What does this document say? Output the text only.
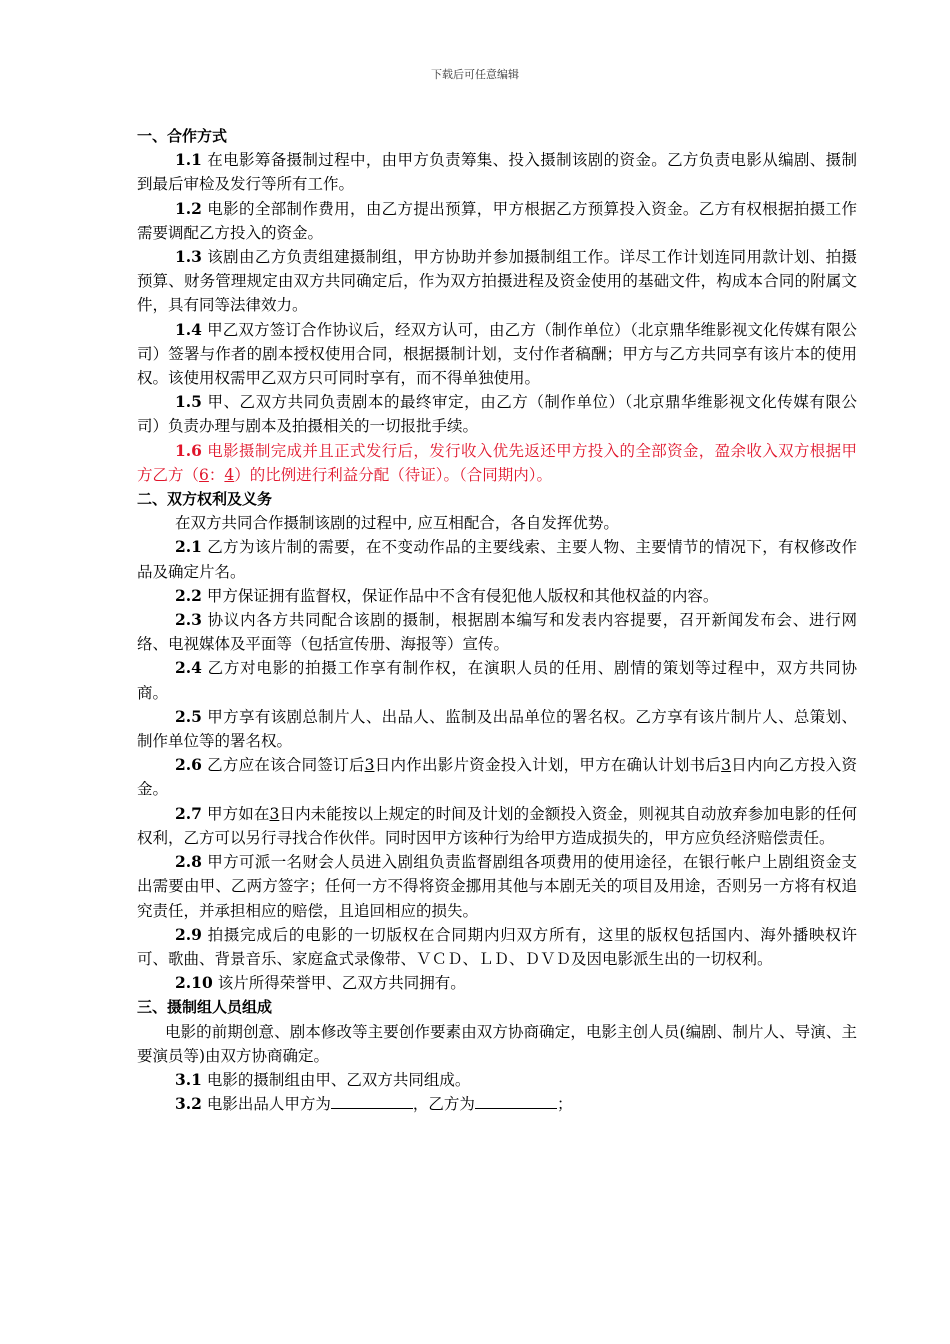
下载后可任意编辑
一、合作方式
1.1 在电影筹备摄制过程中，由甲方负责筹集、投入摄制该剧的资金。乙方负责电影从编剧、摄制到最后审检及发行等所有工作。
1.2 电影的全部制作费用，由乙方提出预算，甲方根据乙方预算投入资金。乙方有权根据拍摄工作需要调配乙方投入的资金。
1.3 该剧由乙方负责组建摄制组，甲方协助并参加摄制组工作。详尽工作计划连同用款计划、拍摄预算、财务管理规定由双方共同确定后，作为双方拍摄进程及资金使用的基础文件，构成本合同的附属文件，具有同等法律效力。
1.4 甲乙双方签订合作协议后，经双方认可，由乙方（制作单位）（北京鼎华维影视文化传媒有限公司）签署与作者的剧本授权使用合同，根据摄制计划，支付作者稿酬；甲方与乙方共同享有该片本的使用权。该使用权需甲乙双方只可同时享有，而不得单独使用。
1.5 甲、乙双方共同负责剧本的最终审定，由乙方（制作单位）（北京鼎华维影视文化传媒有限公司）负责办理与剧本及拍摄相关的一切报批手续。
1.6 电影摄制完成并且正式发行后，发行收入优先返还甲方投入的全部资金，盈余收入双方根据甲方乙方（6：4）的比例进行利益分配（待证）。（合同期内）。
二、双方权利及义务
在双方共同合作摄制该剧的过程中, 应互相配合，各自发挥优势。
2.1 乙方为该片制的需要，在不变动作品的主要线索、主要人物、主要情节的情况下，有权修改作品及确定片名。
2.2 甲方保证拥有监督权，保证作品中不含有侵犯他人版权和其他权益的内容。
2.3 协议内各方共同配合该剧的摄制，根据剧本编写和发表内容提要，召开新闻发布会、进行网络、电视媒体及平面等（包括宣传册、海报等）宣传。
2.4 乙方对电影的拍摄工作享有制作权，在演职人员的任用、剧情的策划等过程中，双方共同协商。
2.5 甲方享有该剧总制片人、出品人、监制及出品单位的署名权。乙方享有该片制片人、总策划、制作单位等的署名权。
2.6 乙方应在该合同签订后3日内作出影片资金投入计划，甲方在确认计划书后3日内向乙方投入资金。
2.7 甲方如在3日内未能按以上规定的时间及计划的金额投入资金，则视其自动放弃参加电影的任何权利，乙方可以另行寻找合作伙伴。同时因甲方该种行为给甲方造成损失的，甲方应负经济赔偿责任。
2.8 甲方可派一名财会人员进入剧组负责监督剧组各项费用的使用途径，在银行帐户上剧组资金支出需要由甲、乙两方签字；任何一方不得将资金挪用其他与本剧无关的项目及用途，否则另一方将有权追究责任，并承担相应的赔偿，且追回相应的损失。
2.9 拍摄完成后的电影的一切版权在合同期内归双方所有，这里的版权包括国内、海外播映权许可、歌曲、背景音乐、家庭盒式录像带、ＶＣＤ、ＬＤ、ＤＶＤ及因电影派生出的一切权利。
2.10 该片所得荣誉甲、乙双方共同拥有。
三、摄制组人员组成
电影的前期创意、剧本修改等主要创作要素由双方协商确定，电影主创人员(编剧、制片人、导演、主要演员等)由双方协商确定。
3.1 电影的摄制组由甲、乙双方共同组成。
3.2 电影出品人甲方为	，乙方为	；
